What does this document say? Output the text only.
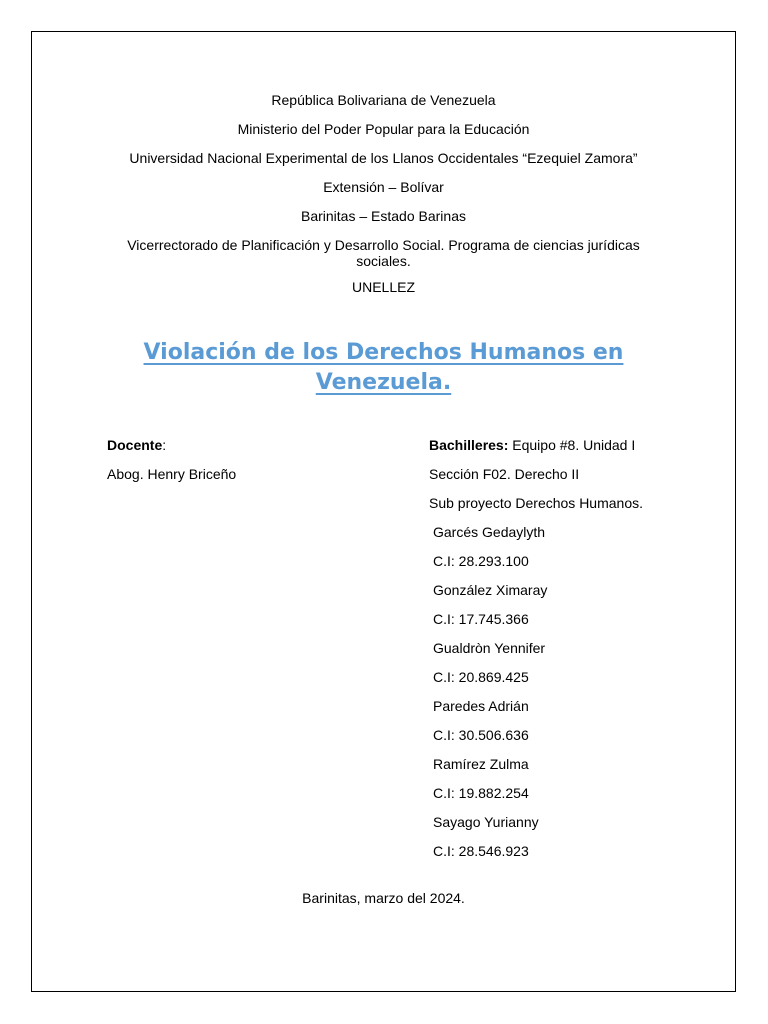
República Bolivariana de Venezuela
Ministerio del Poder Popular para la Educación
Universidad Nacional Experimental de los Llanos Occidentales “Ezequiel Zamora”
Extensión – Bolívar
Barinitas – Estado Barinas
Vicerrectorado de Planificación y Desarrollo Social. Programa de ciencias jurídicas sociales.
UNELLEZ
Violación de los Derechos Humanos en Venezuela.
Docente:
Abog. Henry Briceño
Bachilleres: Equipo #8. Unidad I
Sección F02. Derecho II
Sub proyecto Derechos Humanos.
Garcés Gedaylyth
C.I: 28.293.100
González Ximaray
C.I: 17.745.366
Gualdròn Yennifer
C.I: 20.869.425
Paredes Adrián
C.I: 30.506.636
Ramírez Zulma
C.I: 19.882.254
Sayago Yurianny
C.I: 28.546.923
Barinitas, marzo del 2024.
